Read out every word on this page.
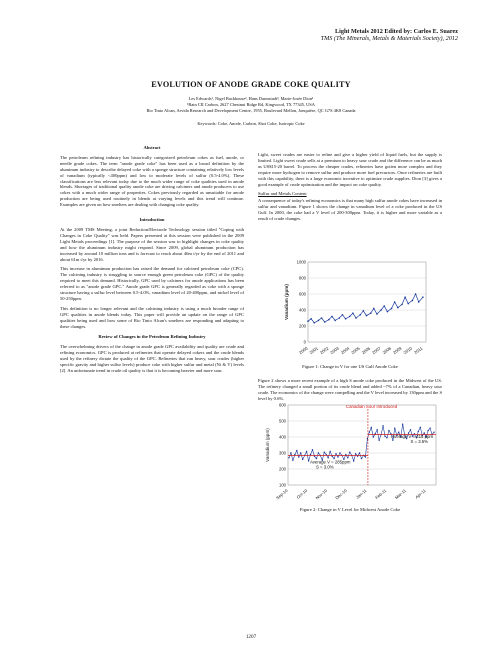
Light Metals 2012 Edited by: Carlos E. Suarez
TMS (The Minerals, Metals & Materials Society), 2012
EVOLUTION OF ANODE GRADE COKE QUALITY
Les Edwards¹, Nigel Backhouse², Hans Darmstadt³, Marie-Josée Dion³
¹Rain CII Carbon, 2627 Chestnut Ridge Rd, Kingwood, TX 77345, USA
Rio Tinto Alcan, Arvida Research and Development Centre, 1955, Boulevard Mellon, Jonquière, QC G7S 4K8 Canada
Keywords: Coke, Anode, Carbon, Shot Coke, Isotropic Coke
Abstract

The petroleum refining industry has historically categorized petroleum cokes as fuel, anode, or needle grade cokes. The term "anode grade coke" has been used as a broad definition by the aluminum industry to describe delayed coke with a sponge structure containing relatively low levels of vanadium (typically <400ppm) and low to moderate levels of sulfur (0.5-4.0%). These classifications are less relevant today due to the much wider range of coke qualities used in anode blends. Shortages of traditional quality anode coke are driving calciners and anode producers to use cokes with a much wider range of properties. Cokes previously regarded as unsuitable for anode production are being used routinely in blends at varying levels and this trend will continue. Examples are given on how smelters are dealing with changing coke quality.

Introduction

At the 2009 TMS Meeting, a joint Reduction/Electrode Technology session titled "Coping with Changes in Coke Quality" was held. Papers presented at this session were published in the 2009 Light Metals proceedings [1]. The purpose of the session was to highlight changes in coke quality and how the aluminum industry might respond. Since 2009, global aluminum production has increased by around 10 million tons and is forecast to reach about 46m t/yr by the end of 2011 and about 61m t/yr by 2016.

This increase in aluminum production has raised the demand for calcined petroleum coke (CPC). The calcining industry is struggling to source enough green petroleum coke (GPC) of the quality required to meet this demand. Historically, GPC used by calciners for anode applications has been referred to as "anode grade GPC." Anode grade GPC is generally regarded as coke with a sponge structure having a sulfur level between 0.5-4.0%, vanadium level of 20-400ppm, and nickel level of 50-250ppm.

This definition is no longer relevant and the calcining industry is using a much broader range of GPC qualities in anode blends today. This paper will provide an update on the range of GPC qualities being used and how some of Rio Tinto Alcan's smelters are responding and adapting to these changes.

Review of Changes in the Petroleum Refining Industry

The overwhelming drivers of the change in anode grade GPC availability and quality are crude and refining economics. GPC is produced at refineries that operate delayed cokers and the crude blends used by the refinery dictate the quality of the GPC. Refineries that run heavy, sour crudes (higher specific gravity and higher sulfur levels) produce coke with higher sulfur and metal (Ni & V) levels [2]. An unfortunate trend in crude oil quality is that it is becoming heavier and more sour.

Light, sweet crudes are easier to refine and give a higher yield of liquid fuels, but the supply is limited. Light sweet crude sells at a premium to heavy sour crude and the difference can be as much as US$15-20 barrel. To process the cheaper crudes, refineries have gotten more complex and they require more hydrogen to remove sulfur and produce more fuel precursors. Once refineries are built with this capability, there is a large economic incentive to optimize crude supplies. Dion [3] gives a good example of crude optimization and the impact on coke quality.

Sulfur and Metals Content

A consequence of today's refining economics is that many high sulfur anode cokes have increased in sulfur and vanadium. Figure 1 shows the change in vanadium level of a coke produced in the US Gulf. In 2000, the coke had a V level of 200-300ppm. Today, it is higher and more variable as a result of crude changes.

0
200
400
600
800
1000
2000 2001 2002 2003 2004 2005 2006 2007 2008 2009 2010 2011
Vanadium (ppm)
Figure 1: Change in V for one US Gulf Anode Coke

Figure 2 shows a more recent example of a high S anode coke produced in the Midwest of the US. The refinery changed a small portion of its crude blend and added ~7% of a Canadian, heavy sour crude. The economics of the change were compelling and the V level increased by 130ppm and the S level by 0.6%.

100
200
300
400
500
600
Sep-10 Oct-10 Nov-10 Dec-10 Jan-11 Feb-11 Mar-11 Apr-11
Vanadium (ppm)
Canadian Sour Introduced
Average V = 415 ppm
S = 3.6%
Average V = 285ppm
S = 3.0%
Figure 2: Change in V Level for Midwest Anode Coke
1207
